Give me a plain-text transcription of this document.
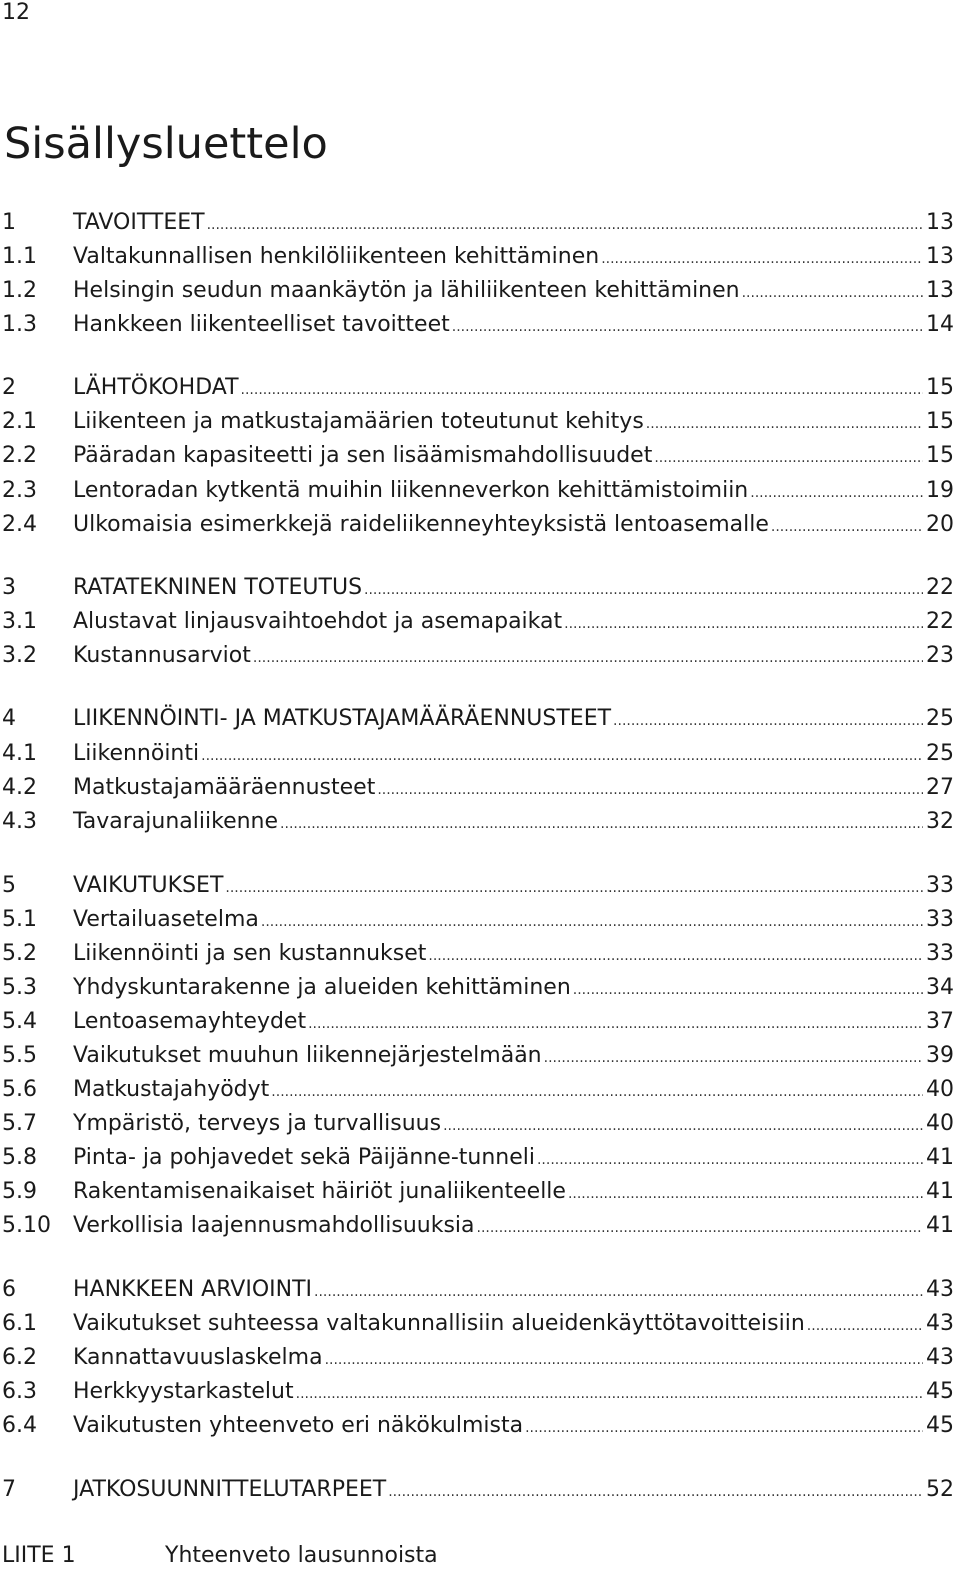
12
Sisällysluettelo
1	TAVOITTEET .....	13
1.1 Valtakunnallisen henkilöliikenteen kehittäminen .....	13
1.2 Helsingin seudun maankäytön ja lähiliikenteen kehittäminen .....	13
1.3 Hankkeen liikenteelliset tavoitteet .....	14
2	LÄHTÖKOHDAT .....	15
2.1 Liikenteen ja matkustajamäärien toteutunut kehitys .....	15
2.2 Pääradan kapasiteetti ja sen lisäämismahdollisuudet .....	15
2.3 Lentoradan kytkentä muihin liikenneverkon kehittämistoimiin .....	19
2.4 Ulkomaisia esimerkkejä raideliikenneyhteyksistä lentoasemalle .....	20
3	RATATEKNINEN TOTEUTUS .....	22
3.1 Alustavat linjausvaihtoehdot ja asemapaikat .....	22
3.2 Kustannusarviot .....	23
4	LIIKENNÖINTI- JA MATKUSTAJAMÄÄRÄENNUSTEET .....	25
4.1 Liikennöinti .....	25
4.2 Matkustajamääräennusteet .....	27
4.3 Tavarajunaliikenne .....	32
5	VAIKUTUKSET .....	33
5.1 Vertailuasetelma .....	33
5.2 Liikennöinti ja sen kustannukset .....	33
5.3 Yhdyskuntarakenne ja alueiden kehittäminen .....	34
5.4 Lentoasemayhteydet .....	37
5.5 Vaikutukset muuhun liikennejärjestelmään .....	39
5.6 Matkustajahyödyt .....	40
5.7 Ympäristö, terveys ja turvallisuus .....	40
5.8 Pinta- ja pohjavedet sekä Päijänne-tunneli .....	41
5.9 Rakentamisenaikaiset häiriöt junaliikenteelle .....	41
5.10 Verkollisia laajennusmahdollisuuksia .....	41
6	HANKKEEN ARVIOINTI .....	43
6.1 Vaikutukset suhteessa valtakunnallisiin alueidenkäyttötavoitteisiin .....	43
6.2 Kannattavuuslaskelma .....	43
6.3 Herkkyystarkastelut .....	45
6.4 Vaikutusten yhteenveto eri näkökulmista .....	45
7	JATKOSUUNNITTELUTARPEET .....	52
LIITE 1	Yhteenveto lausunnoista
